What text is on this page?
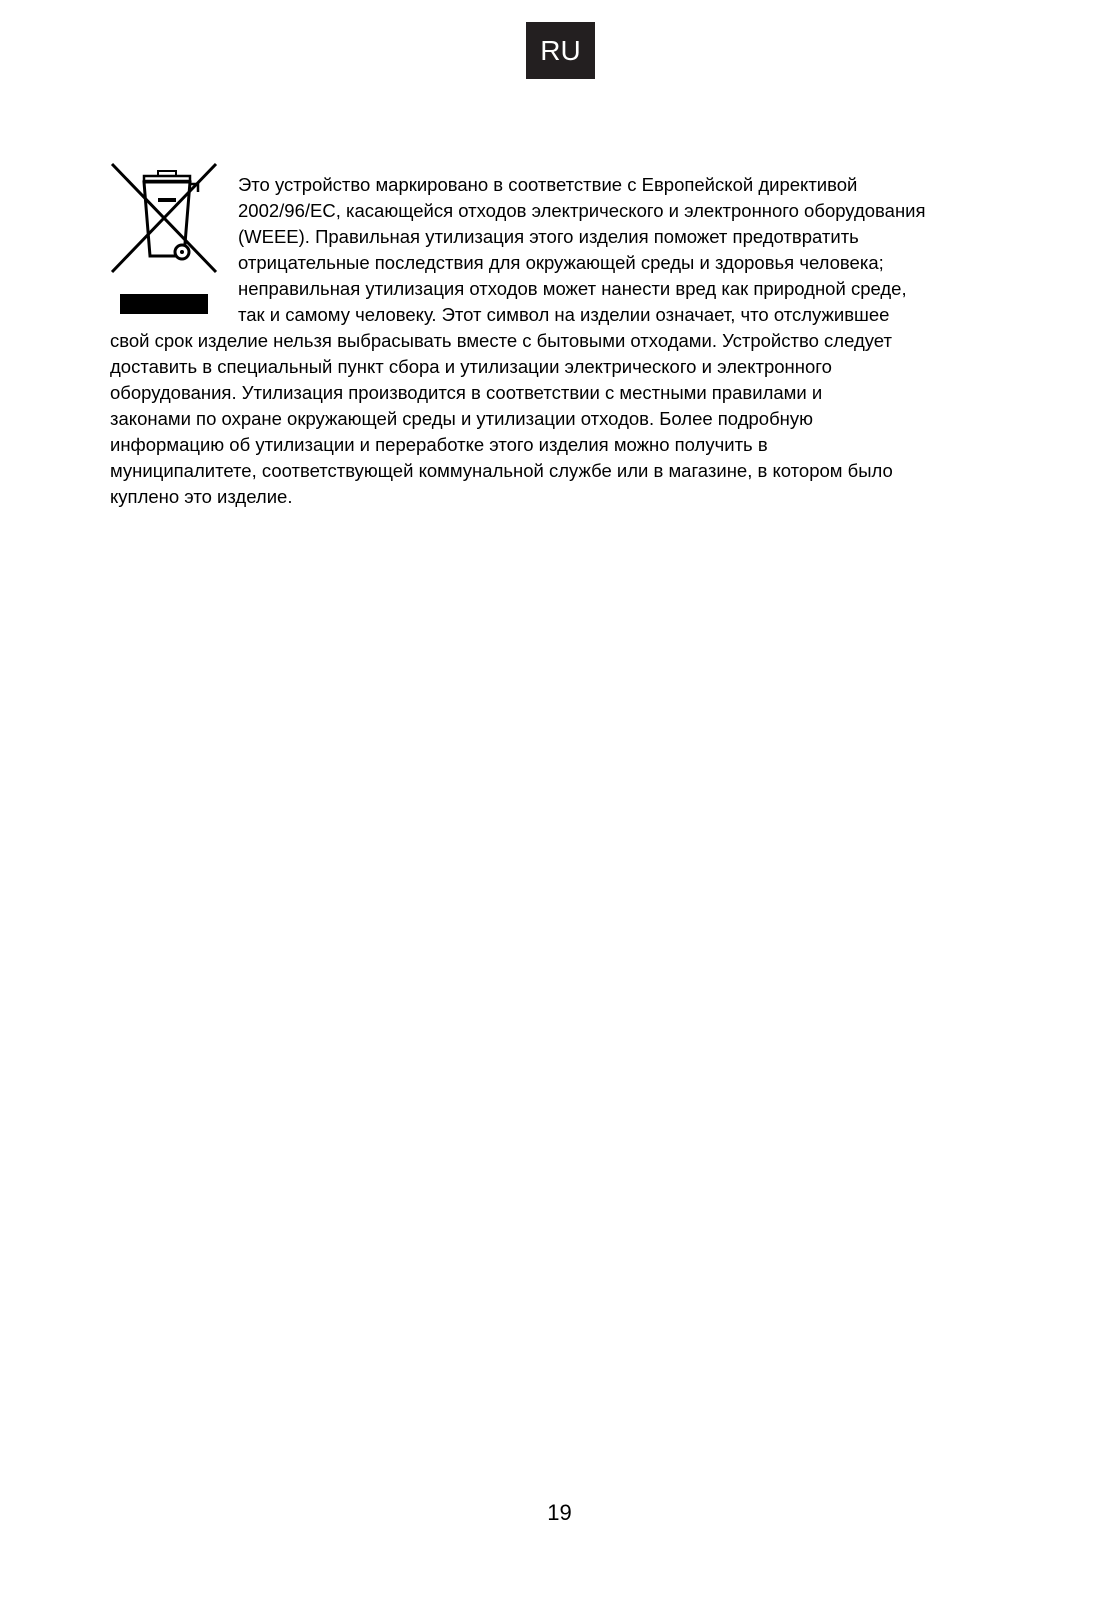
RU
Это устройство маркировано в соответствие с Европейской директивой
2002/96/EC, касающейся отходов электрического и электронного оборудования
(WEEE). Правильная утилизация этого изделия поможет предотвратить
отрицательные последствия для окружающей среды и здоровья человека;
неправильная утилизация отходов может нанести вред как природной среде,
так и самому человеку. Этот символ на изделии означает, что отслужившее
свой срок изделие нельзя выбрасывать вместе с бытовыми отходами. Устройство следует
доставить в специальный пункт сбора и утилизации электрического и электронного
оборудования. Утилизация производится в соответствии с местными правилами и
законами по охране окружающей среды и утилизации отходов. Более подробную
информацию об утилизации и переработке этого изделия можно получить в
муниципалитете, соответствующей коммунальной службе или в магазине, в котором было
куплено это изделие.
19
